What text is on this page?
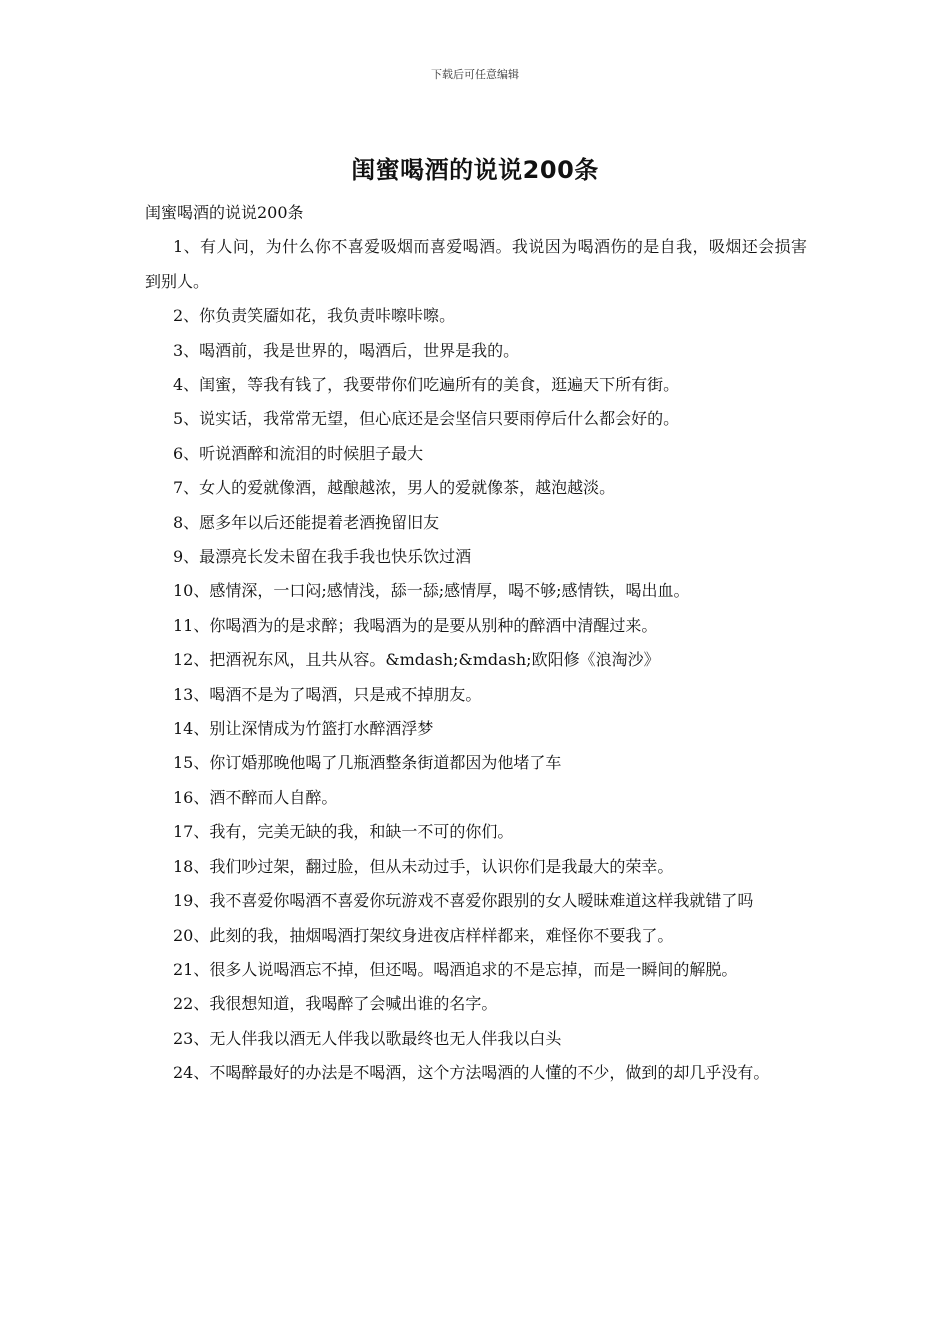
下载后可任意编辑
闺蜜喝酒的说说200条
闺蜜喝酒的说说200条

1、有人问，为什么你不喜爱吸烟而喜爱喝酒。我说因为喝酒伤的是自我，吸烟还会损害到别人。

2、你负责笑靥如花，我负责咔嚓咔嚓。

3、喝酒前，我是世界的，喝酒后，世界是我的。

4、闺蜜，等我有钱了，我要带你们吃遍所有的美食，逛遍天下所有街。

5、说实话，我常常无望，但心底还是会坚信只要雨停后什么都会好的。

6、听说酒醉和流泪的时候胆子最大

7、女人的爱就像酒，越酿越浓，男人的爱就像茶，越泡越淡。

8、愿多年以后还能提着老酒挽留旧友

9、最漂亮长发未留在我手我也快乐饮过酒

10、感情深，一口闷;感情浅，舔一舔;感情厚，喝不够;感情铁，喝出血。

11、你喝酒为的是求醉；我喝酒为的是要从别种的醉酒中清醒过来。

12、把酒祝东风，且共从容。&mdash;&mdash;欧阳修《浪淘沙》

13、喝酒不是为了喝酒，只是戒不掉朋友。

14、别让深情成为竹篮打水醉酒浮梦

15、你订婚那晚他喝了几瓶酒整条街道都因为他堵了车

16、酒不醉而人自醉。

17、我有，完美无缺的我，和缺一不可的你们。

18、我们吵过架，翻过脸，但从未动过手，认识你们是我最大的荣幸。

19、我不喜爱你喝酒不喜爱你玩游戏不喜爱你跟别的女人暧昧难道这样我就错了吗

20、此刻的我，抽烟喝酒打架纹身进夜店样样都来，难怪你不要我了。

21、很多人说喝酒忘不掉，但还喝。喝酒追求的不是忘掉，而是一瞬间的解脱。

22、我很想知道，我喝醉了会喊出谁的名字。

23、无人伴我以酒无人伴我以歌最终也无人伴我以白头

24、不喝醉最好的办法是不喝酒，这个方法喝酒的人懂的不少，做到的却几乎没有。
